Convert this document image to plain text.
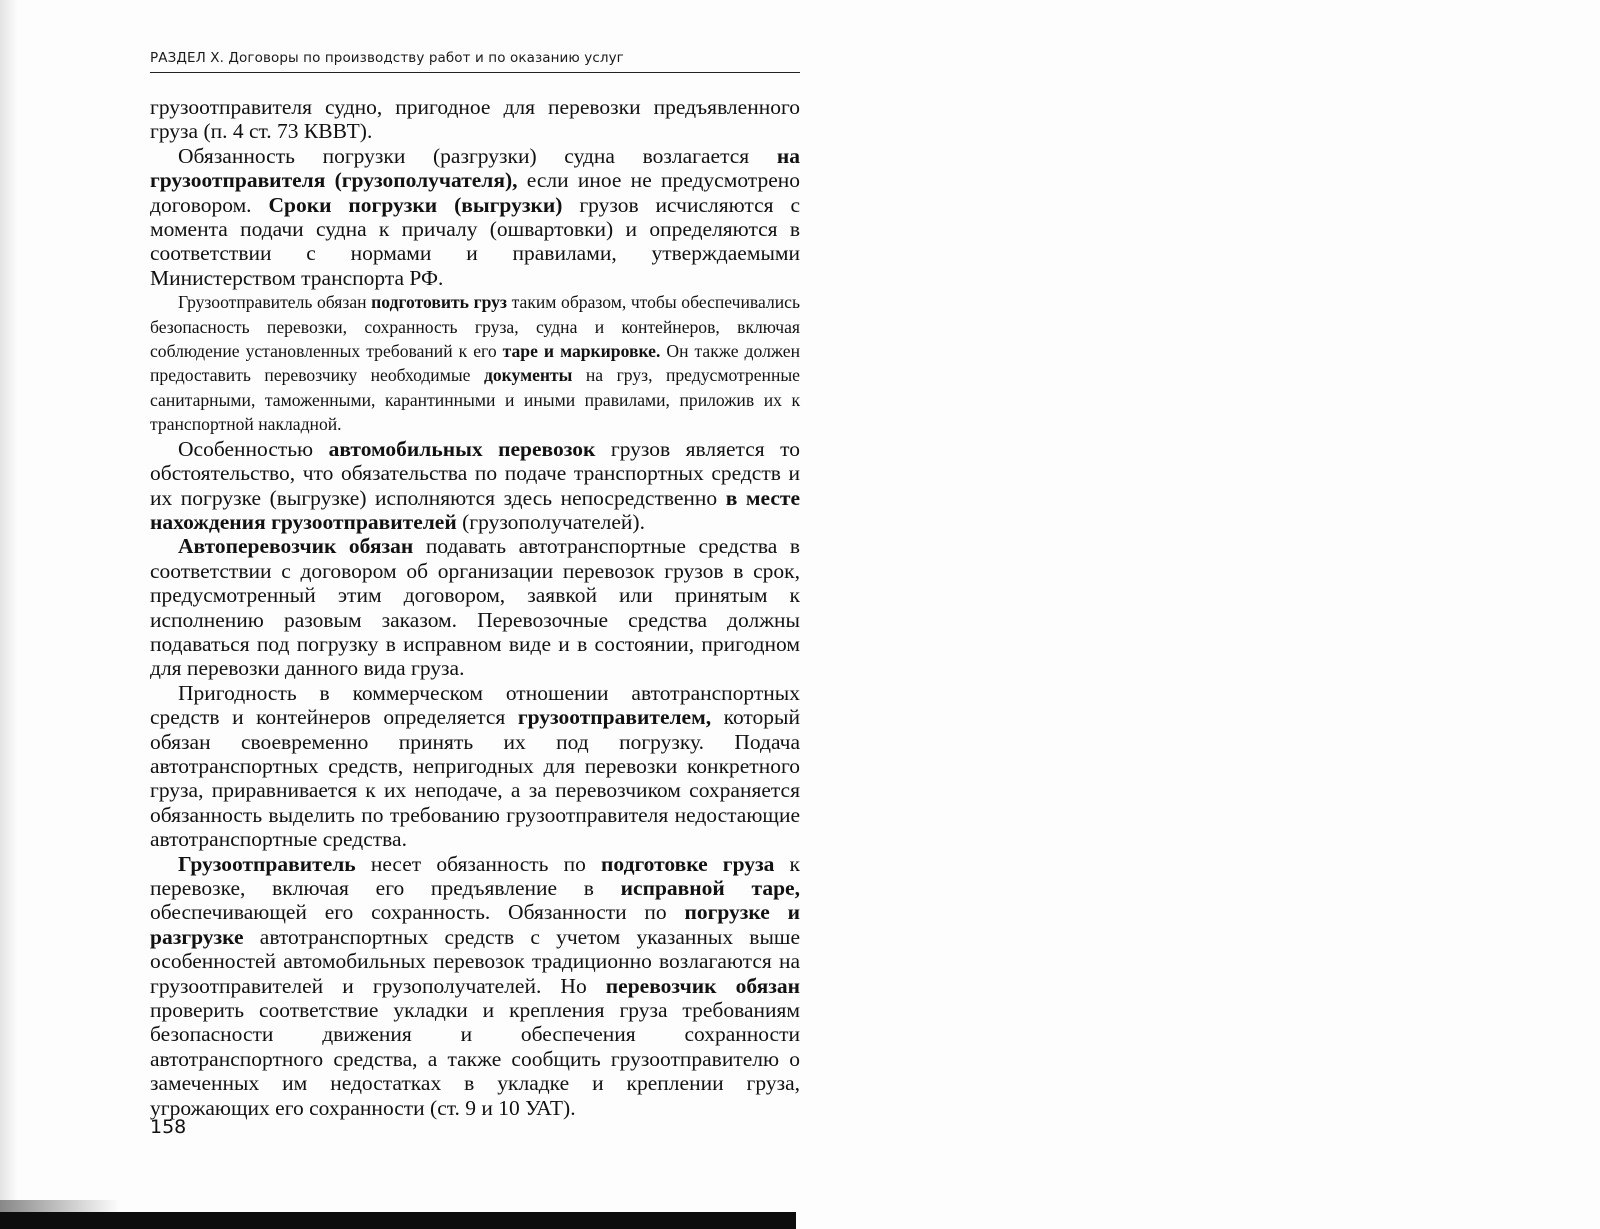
РАЗДЕЛ X. Договоры по производству работ и по оказанию услуг

грузоотправителя судно, пригодное для перевозки предъявленного груза (п. 4 ст. 73 КВВТ).

Обязанность погрузки (разгрузки) судна возлагается на грузоотправителя (грузополучателя), если иное не предусмотрено договором. Сроки погрузки (выгрузки) грузов исчисляются с момента подачи судна к причалу (ошвартовки) и определяются в соответствии с нормами и правилами, утверждаемыми Министерством транспорта РФ.

Грузоотправитель обязан подготовить груз таким образом, чтобы обеспечивались безопасность перевозки, сохранность груза, судна и контейнеров, включая соблюдение установленных требований к его таре и маркировке. Он также должен предоставить перевозчику необходимые документы на груз, предусмотренные санитарными, таможенными, карантинными и иными правилами, приложив их к транспортной накладной.

Особенностью автомобильных перевозок грузов является то обстоятельство, что обязательства по подаче транспортных средств и их погрузке (выгрузке) исполняются здесь непосредственно в месте нахождения грузоотправителей (грузополучателей).

Автоперевозчик обязан подавать автотранспортные средства в соответствии с договором об организации перевозок грузов в срок, предусмотренный этим договором, заявкой или принятым к исполнению разовым заказом. Перевозочные средства должны подаваться под погрузку в исправном виде и в состоянии, пригодном для перевозки данного вида груза.

Пригодность в коммерческом отношении автотранспортных средств и контейнеров определяется грузоотправителем, который обязан своевременно принять их под погрузку. Подача автотранспортных средств, непригодных для перевозки конкретного груза, приравнивается к их неподаче, а за перевозчиком сохраняется обязанность выделить по требованию грузоотправителя недостающие автотранспортные средства.

Грузоотправитель несет обязанность по подготовке груза к перевозке, включая его предъявление в исправной таре, обеспечивающей его сохранность. Обязанности по погрузке и разгрузке автотранспортных средств с учетом указанных выше особенностей автомобильных перевозок традиционно возлагаются на грузоотправителей и грузополучателей. Но перевозчик обязан проверить соответствие укладки и крепления груза требованиям безопасности движения и обеспечения сохранности автотранспортного средства, а также сообщить грузоотправителю о замеченных им недостатках в укладке и креплении груза, угрожающих его сохранности (ст. 9 и 10 УАТ).

158
